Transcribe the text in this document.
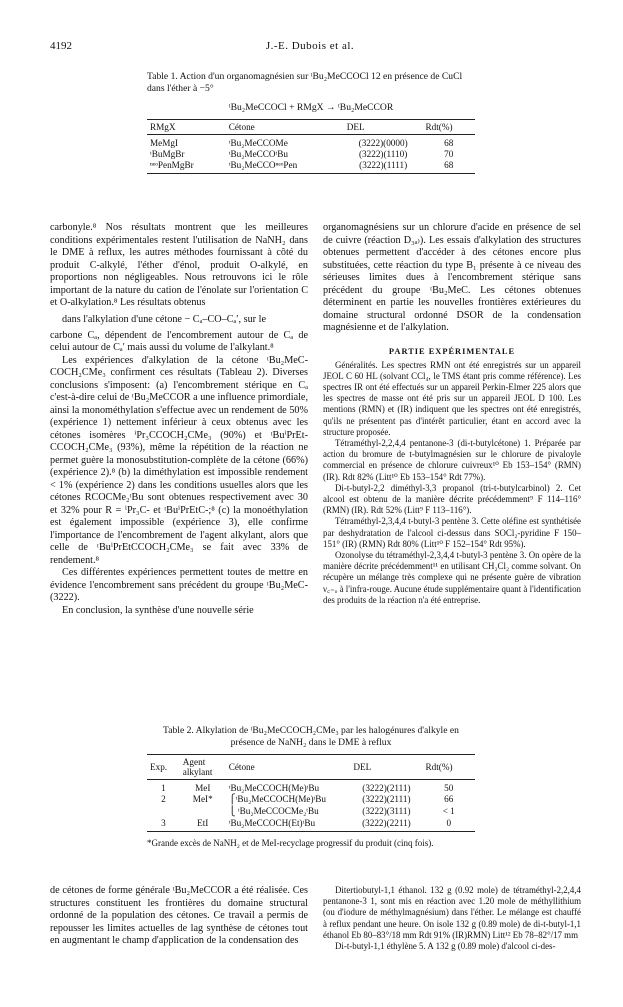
4192	J.-E. Dubois et al.
Table 1. Action d'un organomagnésien sur ᵗBu₂MeCCOCl 12 en présence de CuCl dans l'éther à −5°
ᵗBu₂MeCCOCl + RMgX → ᵗBu₂MeCCOR
RMgX	Cétone	DEL	Rdt(%)
MeMgI	ᵗBu₂MeCCOMe	(3222)(0000)	68
ᵗBuMgBr	ᵗBu₂MeCCOᵗBu	(3222)(1110)	70
ⁿᵉᵒPenMgBr	ᵗBu₂MeCCOⁿᵉᵒPen	(3222)(1111)	68

carbonyle.⁸ Nos résultats montrent que les meilleures conditions expérimentales restent l'utilisation de NaNH₂ dans le DME à reflux, les autres méthodes fournissant à côté du produit C-alkylé, l'éther d'énol, produit O-alkylé, en proportions non négligeables. Nous retrouvons ici le rôle important de la nature du cation de l'énolate sur l'orientation C et O-alkylation.⁸ Les résultats obtenus

dans l'alkylation d'une cétone − Cₐ–CO–Cₐ′, sur le

carbone Cₐ, dépendent de l'encombrement autour de Cₐ de celui autour de Cₐ′ mais aussi du volume de l'alkylant.⁸

Les expériences d'alkylation de la cétone ᵗBu₂MeC-COCH₂CMe₃ confirment ces résultats (Tableau 2). Diverses conclusions s'imposent: (a) l'encombrement stérique en Cₐ c'est-à-dire celui de ᵗBu₂MeCCOR a une influence primordiale, ainsi la monométhylation s'effectue avec un rendement de 50% (expérience 1) nettement inférieur à ceux obtenus avec les cétones isomères ⁱPr₃CCOCH₂CMe₃ (90%) et ᵗBuⁱPrEt-CCOCH₂CMe₃ (93%), même la répétition de la réaction ne permet guère la monosubstitution-complète de la cétone (66%) (expérience 2).⁸ (b) la diméthylation est impossible rendement < 1% (expérience 2) dans les conditions usuelles alors que les cétones RCOCMe₂ᵗBu sont obtenues respectivement avec 30 et 32% pour R = ⁱPr₃C- et ᵗBuⁱPrEtC-;⁸ (c) la monoéthylation est également impossible (expérience 3), elle confirme l'importance de l'encombrement de l'agent alkylant, alors que celle de ᵗBuⁱPrEtCCOCH₂CMe₃ se fait avec 33% de rendement.⁸

Ces différentes expériences permettent toutes de mettre en évidence l'encombrement sans précédent du groupe ᵗBu₂MeC-(3222).

En conclusion, la synthèse d'une nouvelle série

organomagnésiens sur un chlorure d'acide en présence de sel de cuivre (réaction D₃ₐ₎). Les essais d'alkylation des structures obtenues permettent d'accéder à des cétones encore plus substituées, cette réaction du type B₁ présente à ce niveau des sérieuses limites dues à l'encombrement stérique sans précédent du groupe ᵗBu₂MeC. Les cétones obtenues déterminent en partie les nouvelles frontières extérieures du domaine structural ordonné DSOR de la condensation magnésienne et de l'alkylation.

PARTIE EXPÉRIMENTALE

Généralités. Les spectres RMN ont été enregistrés sur un appareil JEOL C 60 HL (solvant CCl₄, le TMS étant pris comme référence). Les spectres IR ont été effectués sur un appareil Perkin-Elmer 225 alors que les spectres de masse ont été pris sur un appareil JEOL D 100. Les mentions (RMN) et (IR) indiquent que les spectres ont été enregistrés, qu'ils ne présentent pas d'intérêt particulier, étant en accord avec la structure proposée.

Tétraméthyl-2,2,4,4 pentanone-3 (di-t-butylcétone) 1. Préparée par action du bromure de t-butylmagnésien sur le chlorure de pivaloyle commercial en présence de chlorure cuivreux¹⁰ Eb 153–154° (RMN) (IR). Rdt 82% (Litt¹⁰ Eb 153–154° Rdt 77%).

Di-t-butyl-2,2 diméthyl-3,3 propanol (tri-t-butylcarbinol) 2. Cet alcool est obtenu de la manière décrite précédemment⁹ F 114–116° (RMN) (IR). Rdt 52% (Litt⁹ F 113–116°).

Tétraméthyl-2,3,4,4 t-butyl-3 pentène 3. Cette oléfine est synthétisée par deshydratation de l'alcool ci-dessus dans SOCl₂-pyridine F 150–151° (IR) (RMN) Rdt 80% (Litt¹⁰ F 152–154° Rdt 95%).

Ozonolyse du tétraméthyl-2,3,4,4 t-butyl-3 pentène 3. On opère de la manière décrite précédemment¹¹ en utilisant CH₂Cl₂ comme solvant. On récupère un mélange très complexe qui ne présente guère de vibration ν꜀₌ₒ à l'infra-rouge. Aucune étude supplémentaire quant à l'identification des produits de la réaction n'a été entreprise.

Table 2. Alkylation de ᵗBu₂MeCCOCH₂CMe₃ par les halogénures d'alkyle en présence de NaNH₂ dans le DME à reflux
Exp.	Agent alkylant	Cétone	DEL	Rdt(%)
1	MeI	ᵗBu₂MeCCOCH(Me)ᵗBu	(3222)(2111)	50
2	MeI*	⎧ᵗBu₂MeCCOCH(Me)ᵗBu	(3222)(2111)	66
		⎩ ᵗBu₂MeCCOCMe₂ᵗBu	(3222)(3111)	< 1
3	EtI	ᵗBu₂MeCCOCH(Et)ᵗBu	(3222)(2211)	0
*Grande excès de NaNH₂ et de MeI-recyclage progressif du produit (cinq fois).

de cétones de forme générale ᵗBu₂MeCCOR a été réalisée. Ces structures constituent les frontières du domaine structural ordonné de la population des cétones. Ce travail a permis de repousser les limites actuelles de lag synthèse de cétones tout en augmentant le champ d'application de la condensation des

Ditertiobutyl-1,1 éthanol. 132 g (0.92 mole) de tétraméthyl-2,2,4,4 pentanone-3 1, sont mis en réaction avec 1.20 mole de méthyllithium (ou d'iodure de méthylmagnésium) dans l'éther. Le mélange est chauffé à reflux pendant une heure. On isole 132 g (0.89 mole) de di-t-butyl-1,1 éthanol Eb 80–83°/18 mm Rdt 91% (IR)RMN) Litt¹² Eb 78–82°/17 mm

Di-t-butyl-1,1 éthylène 5. A 132 g (0.89 mole) d'alcool ci-des-
